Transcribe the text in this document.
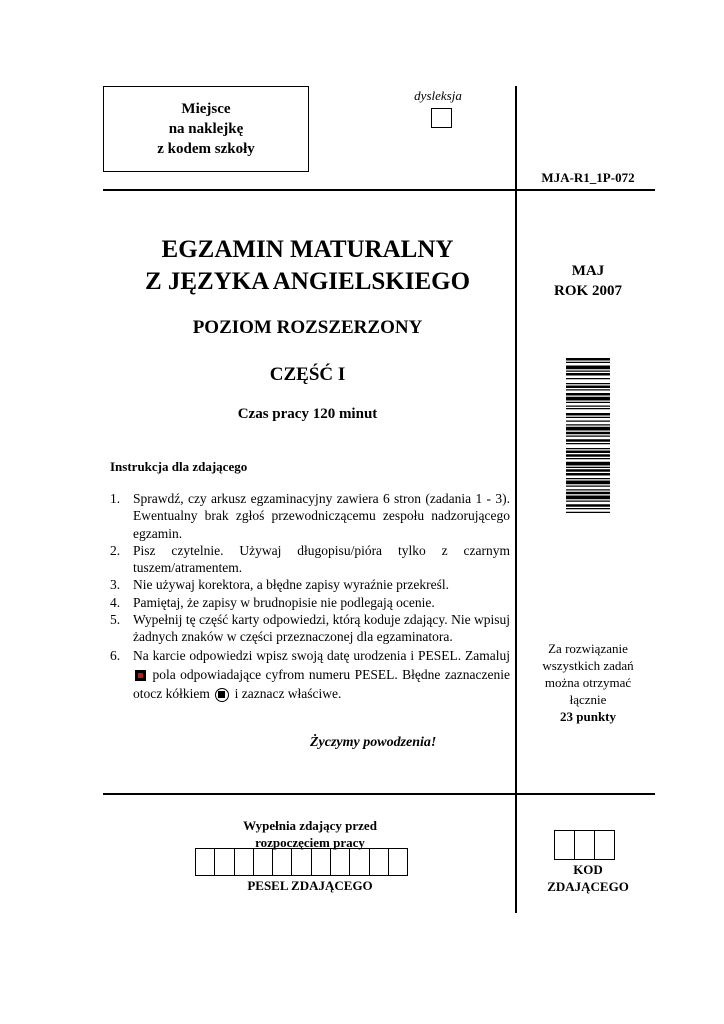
Miejsce
na naklejkę
z kodem szkoły
dysleksja
MJA-R1_1P-072
EGZAMIN MATURALNY
Z JĘZYKA ANGIELSKIEGO
POZIOM ROZSZERZONY
CZĘŚĆ I
Czas pracy 120 minut
MAJ
ROK 2007
Instrukcja dla zdającego
1. Sprawdź, czy arkusz egzaminacyjny zawiera 6 stron (zadania 1 - 3). Ewentualny brak zgłoś przewodniczącemu zespołu nadzorującego egzamin.
2. Pisz czytelnie. Używaj długopisu/pióra tylko z czarnym tuszem/atramentem.
3. Nie używaj korektora, a błędne zapisy wyraźnie przekreśl.
4. Pamiętaj, że zapisy w brudnopisie nie podlegają ocenie.
5. Wypełnij tę część karty odpowiedzi, którą koduje zdający. Nie wpisuj żadnych znaków w części przeznaczonej dla egzaminatora.
6. Na karcie odpowiedzi wpisz swoją datę urodzenia i PESEL. Zamaluj  pola odpowiadające cyfrom numeru PESEL. Błędne zaznaczenie otocz kółkiem i zaznacz właściwe.
Życzymy powodzenia!
Za rozwiązanie
wszystkich zadań
można otrzymać
łącznie
23 punkty
Wypełnia zdający przed
rozpoczęciem pracy
PESEL ZDAJĄCEGO
KOD
ZDAJĄCEGO
